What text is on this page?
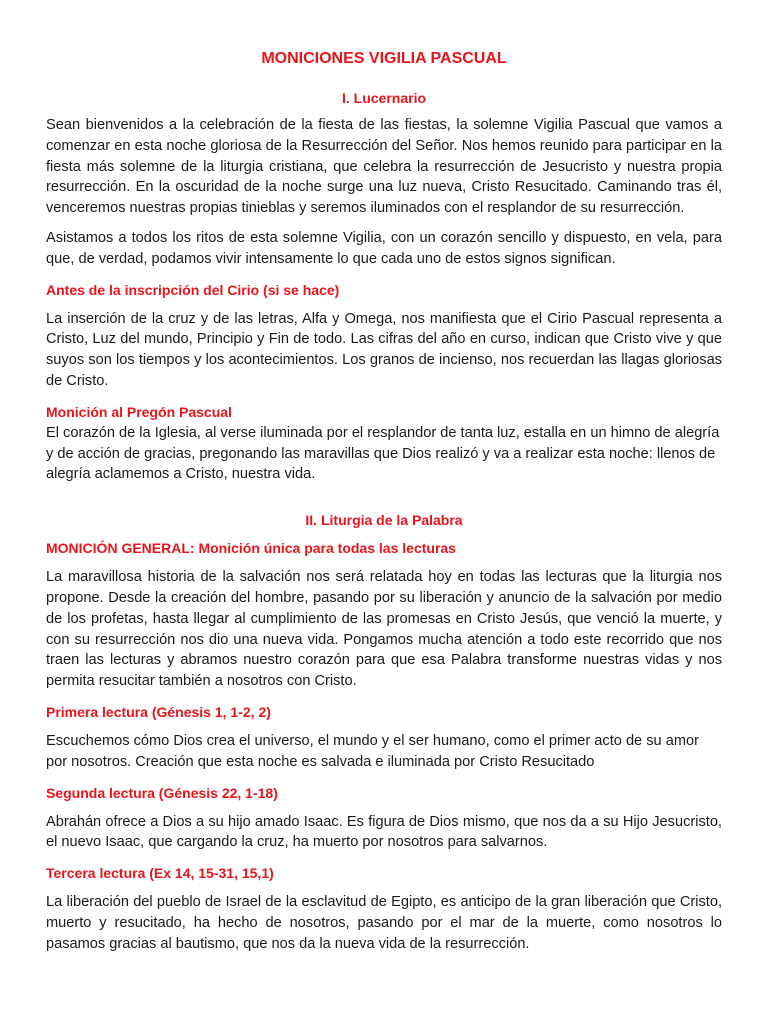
MONICIONES VIGILIA PASCUAL
I. Lucernario

Sean bienvenidos a la celebración de la fiesta de las fiestas, la solemne Vigilia Pascual que vamos a comenzar en esta noche gloriosa de la Resurrección del Señor. Nos hemos reunido para participar en la fiesta más solemne de la liturgia cristiana, que celebra la resurrección de Jesucristo y nuestra propia resurrección. En la oscuridad de la noche surge una luz nueva, Cristo Resucitado. Caminando tras él, venceremos nuestras propias tinieblas y seremos iluminados con el resplandor de su resurrección.

Asistamos a todos los ritos de esta solemne Vigilia, con un corazón sencillo y dispuesto, en vela, para que, de verdad, podamos vivir intensamente lo que cada uno de estos signos significan.

Antes de la inscripción del Cirio (si se hace)

La inserción de la cruz y de las letras, Alfa y Omega, nos manifiesta que el Cirio Pascual representa a Cristo, Luz del mundo, Principio y Fin de todo. Las cifras del año en curso, indican que Cristo vive y que suyos son los tiempos y los acontecimientos. Los granos de incienso, nos recuerdan las llagas gloriosas de Cristo.

Monición al Pregón Pascual

El corazón de la Iglesia, al verse iluminada por el resplandor de tanta luz, estalla en un himno de alegría y de acción de gracias, pregonando las maravillas que Dios realizó y va a realizar esta noche: llenos de alegría aclamemos a Cristo, nuestra vida.

II. Liturgia de la Palabra
MONICIÓN GENERAL: Monición única para todas las lecturas

La maravillosa historia de la salvación nos será relatada hoy en todas las lecturas que la liturgia nos propone. Desde la creación del hombre, pasando por su liberación y anuncio de la salvación por medio de los profetas, hasta llegar al cumplimiento de las promesas en Cristo Jesús, que venció la muerte, y con su resurrección nos dio una nueva vida. Pongamos mucha atención a todo este recorrido que nos traen las lecturas y abramos nuestro corazón para que esa Palabra transforme nuestras vidas y nos permita resucitar también a nosotros con Cristo.

Primera lectura (Génesis 1, 1-2, 2)

Escuchemos cómo Dios crea el universo, el mundo y el ser humano, como el primer acto de su amor por nosotros. Creación que esta noche es salvada e iluminada por Cristo Resucitado

Segunda lectura (Génesis 22, 1-18)

Abrahán ofrece a Dios a su hijo amado Isaac. Es figura de Dios mismo, que nos da a su Hijo Jesucristo, el nuevo Isaac, que cargando la cruz, ha muerto por nosotros para salvarnos.

Tercera lectura (Ex 14, 15-31, 15,1)

La liberación del pueblo de Israel de la esclavitud de Egipto, es anticipo de la gran liberación que Cristo, muerto y resucitado, ha hecho de nosotros, pasando por el mar de la muerte, como nosotros lo pasamos gracias al bautismo, que nos da la nueva vida de la resurrección.
